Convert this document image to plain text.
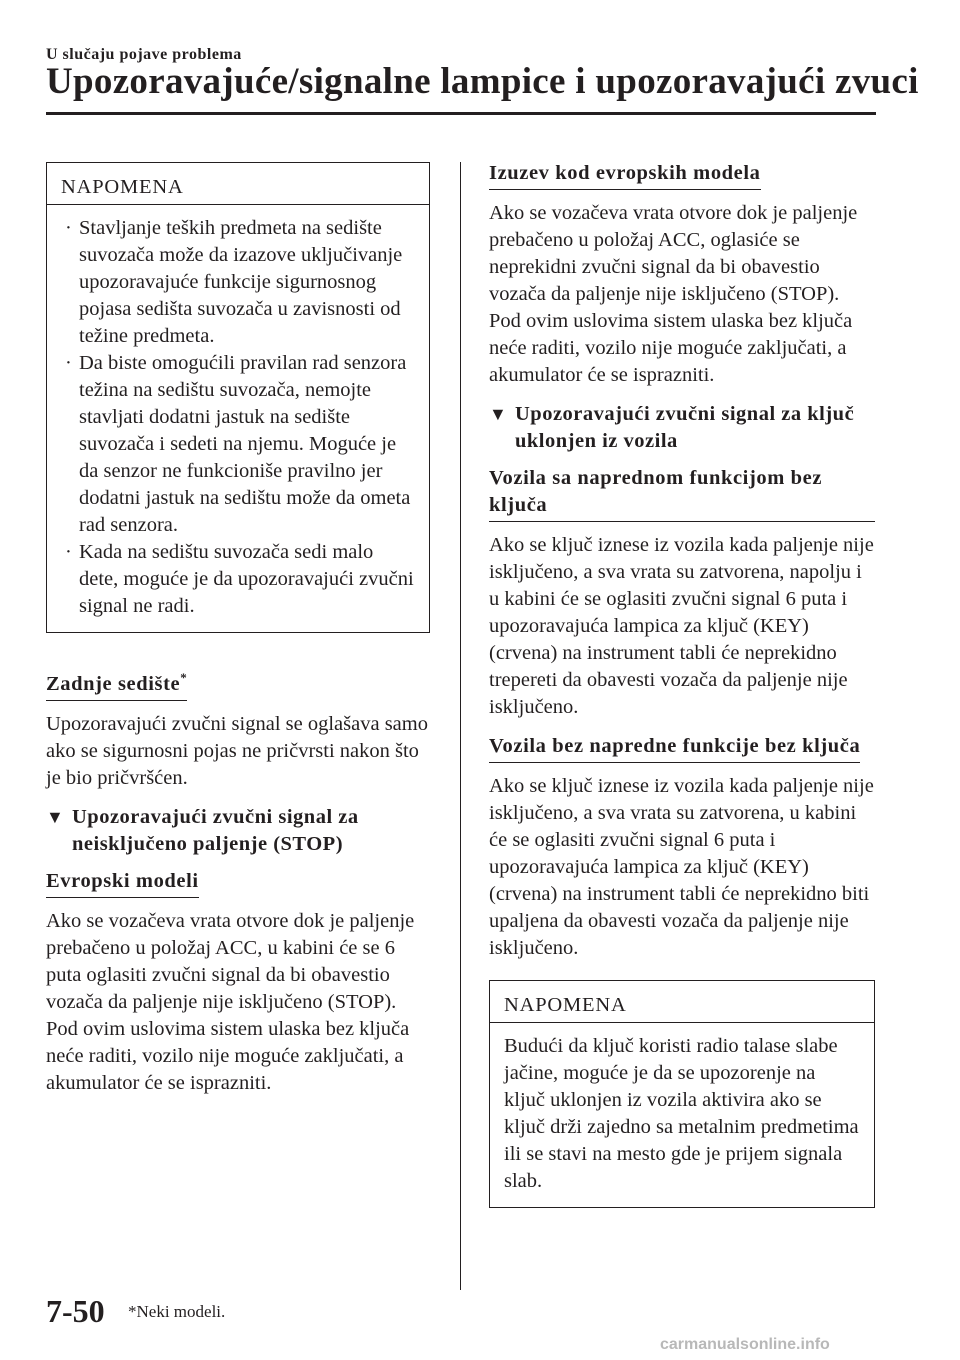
U slučaju pojave problema
Upozoravajuće/signalne lampice i upozoravajući zvuci
NAPOMENA
· Stavljanje teških predmeta na sedište suvozača može da izazove uključivanje upozoravajuće funkcije sigurnosnog pojasa sedišta suvozača u zavisnosti od težine predmeta.
· Da biste omogućili pravilan rad senzora težina na sedištu suvozača, nemojte stavljati dodatni jastuk na sedište suvozača i sedeti na njemu. Moguće je da senzor ne funkcioniše pravilno jer dodatni jastuk na sedištu može da ometa rad senzora.
· Kada na sedištu suvozača sedi malo dete, moguće je da upozoravajući zvučni signal ne radi.
Zadnje sedište*

Upozoravajući zvučni signal se oglašava samo ako se sigurnosni pojas ne pričvrsti nakon što je bio pričvršćen.

▼ Upozoravajući zvučni signal za neisključeno paljenje (STOP)
Evropski modeli

Ako se vozačeva vrata otvore dok je paljenje prebačeno u položaj ACC, u kabini će se 6 puta oglasiti zvučni signal da bi obavestio vozača da paljenje nije isključeno (STOP). Pod ovim uslovima sistem ulaska bez ključa neće raditi, vozilo nije moguće zaključati, a akumulator će se isprazniti.

Izuzev kod evropskih modela

Ako se vozačeva vrata otvore dok je paljenje prebačeno u položaj ACC, oglasiće se neprekidni zvučni signal da bi obavestio vozača da paljenje nije isključeno (STOP). Pod ovim uslovima sistem ulaska bez ključa neće raditi, vozilo nije moguće zaključati, a akumulator će se isprazniti.

▼ Upozoravajući zvučni signal za ključ uklonjen iz vozila
Vozila sa naprednom funkcijom bez ključa

Ako se ključ iznese iz vozila kada paljenje nije isključeno, a sva vrata su zatvorena, napolju i u kabini će se oglasiti zvučni signal 6 puta i upozoravajuća lampica za ključ (KEY) (crvena) na instrument tabli će neprekidno trepereti da obavesti vozača da paljenje nije isključeno.

Vozila bez napredne funkcije bez ključa

Ako se ključ iznese iz vozila kada paljenje nije isključeno, a sva vrata su zatvorena, u kabini će se oglasiti zvučni signal 6 puta i upozoravajuća lampica za ključ (KEY) (crvena) na instrument tabli će neprekidno biti upaljena da obavesti vozača da paljenje nije isključeno.

NAPOMENA

Budući da ključ koristi radio talase slabe jačine, moguće je da se upozorenje na ključ uklonjen iz vozila aktivira ako se ključ drži zajedno sa metalnim predmetima ili se stavi na mesto gde je prijem signala slab.

7-50 *Neki modeli.
carmanualsonline.info
